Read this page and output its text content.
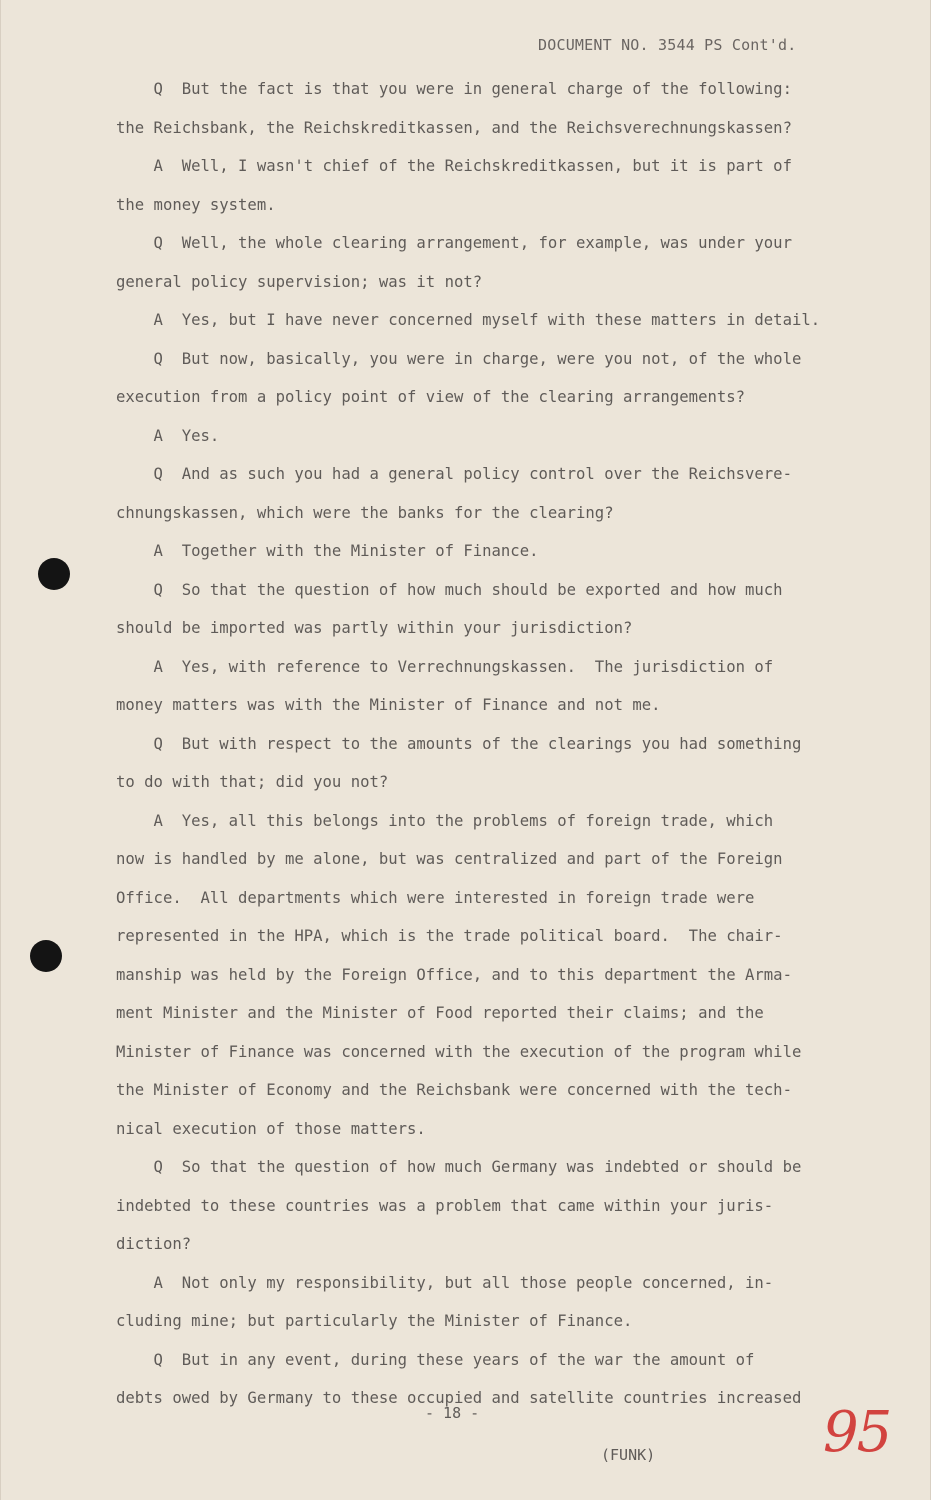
DOCUMENT NO. 3544 PS Cont'd.
Q  But the fact is that you were in general charge of the following:
the Reichsbank, the Reichskreditkassen, and the Reichsverechnungskassen?
A  Well, I wasn't chief of the Reichskreditkassen, but it is part of
the money system.
Q  Well, the whole clearing arrangement, for example, was under your
general policy supervision; was it not?
A  Yes, but I have never concerned myself with these matters in detail.
Q  But now, basically, you were in charge, were you not, of the whole
execution from a policy point of view of the clearing arrangements?
A  Yes.
Q  And as such you had a general policy control over the Reichsvere-
chnungskassen, which were the banks for the clearing?
A  Together with the Minister of Finance.
Q  So that the question of how much should be exported and how much
should be imported was partly within your jurisdiction?
A  Yes, with reference to Verrechnungskassen.  The jurisdiction of
money matters was with the Minister of Finance and not me.
Q  But with respect to the amounts of the clearings you had something
to do with that; did you not?
A  Yes, all this belongs into the problems of foreign trade, which
now is handled by me alone, but was centralized and part of the Foreign
Office.  All departments which were interested in foreign trade were
represented in the HPA, which is the trade political board.  The chair-
manship was held by the Foreign Office, and to this department the Arma-
ment Minister and the Minister of Food reported their claims; and the
Minister of Finance was concerned with the execution of the program while
the Minister of Economy and the Reichsbank were concerned with the tech-
nical execution of those matters.
Q  So that the question of how much Germany was indebted or should be
indebted to these countries was a problem that came within your juris-
diction?
A  Not only my responsibility, but all those people concerned, in-
cluding mine; but particularly the Minister of Finance.
Q  But in any event, during these years of the war the amount of
debts owed by Germany to these occupied and satellite countries increased
- 18 -
(FUNK)	95
